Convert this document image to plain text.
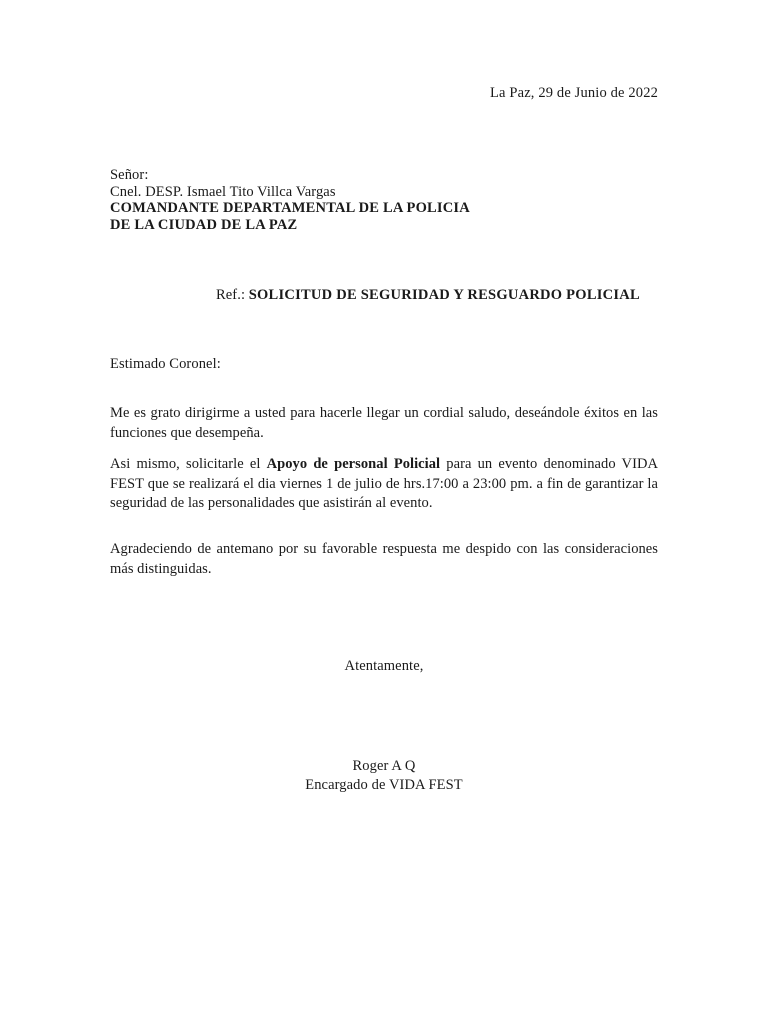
La Paz, 29 de Junio de 2022
Señor:
Cnel. DESP. Ismael Tito Villca Vargas
COMANDANTE DEPARTAMENTAL DE LA POLICIA
DE LA CIUDAD DE LA PAZ
Ref.: SOLICITUD DE SEGURIDAD Y RESGUARDO POLICIAL
Estimado Coronel:
Me es grato dirigirme a usted para hacerle llegar un cordial saludo, deseándole éxitos en las funciones que desempeña.
Asi mismo, solicitarle el Apoyo de personal Policial para un evento denominado VIDA FEST que se realizará el dia viernes 1 de julio de hrs.17:00 a 23:00 pm. a fin de garantizar la seguridad de las personalidades que asistirán al evento.
Agradeciendo de antemano por su favorable respuesta me despido con las consideraciones más distinguidas.
Atentamente,
Roger A Q
Encargado de VIDA FEST
